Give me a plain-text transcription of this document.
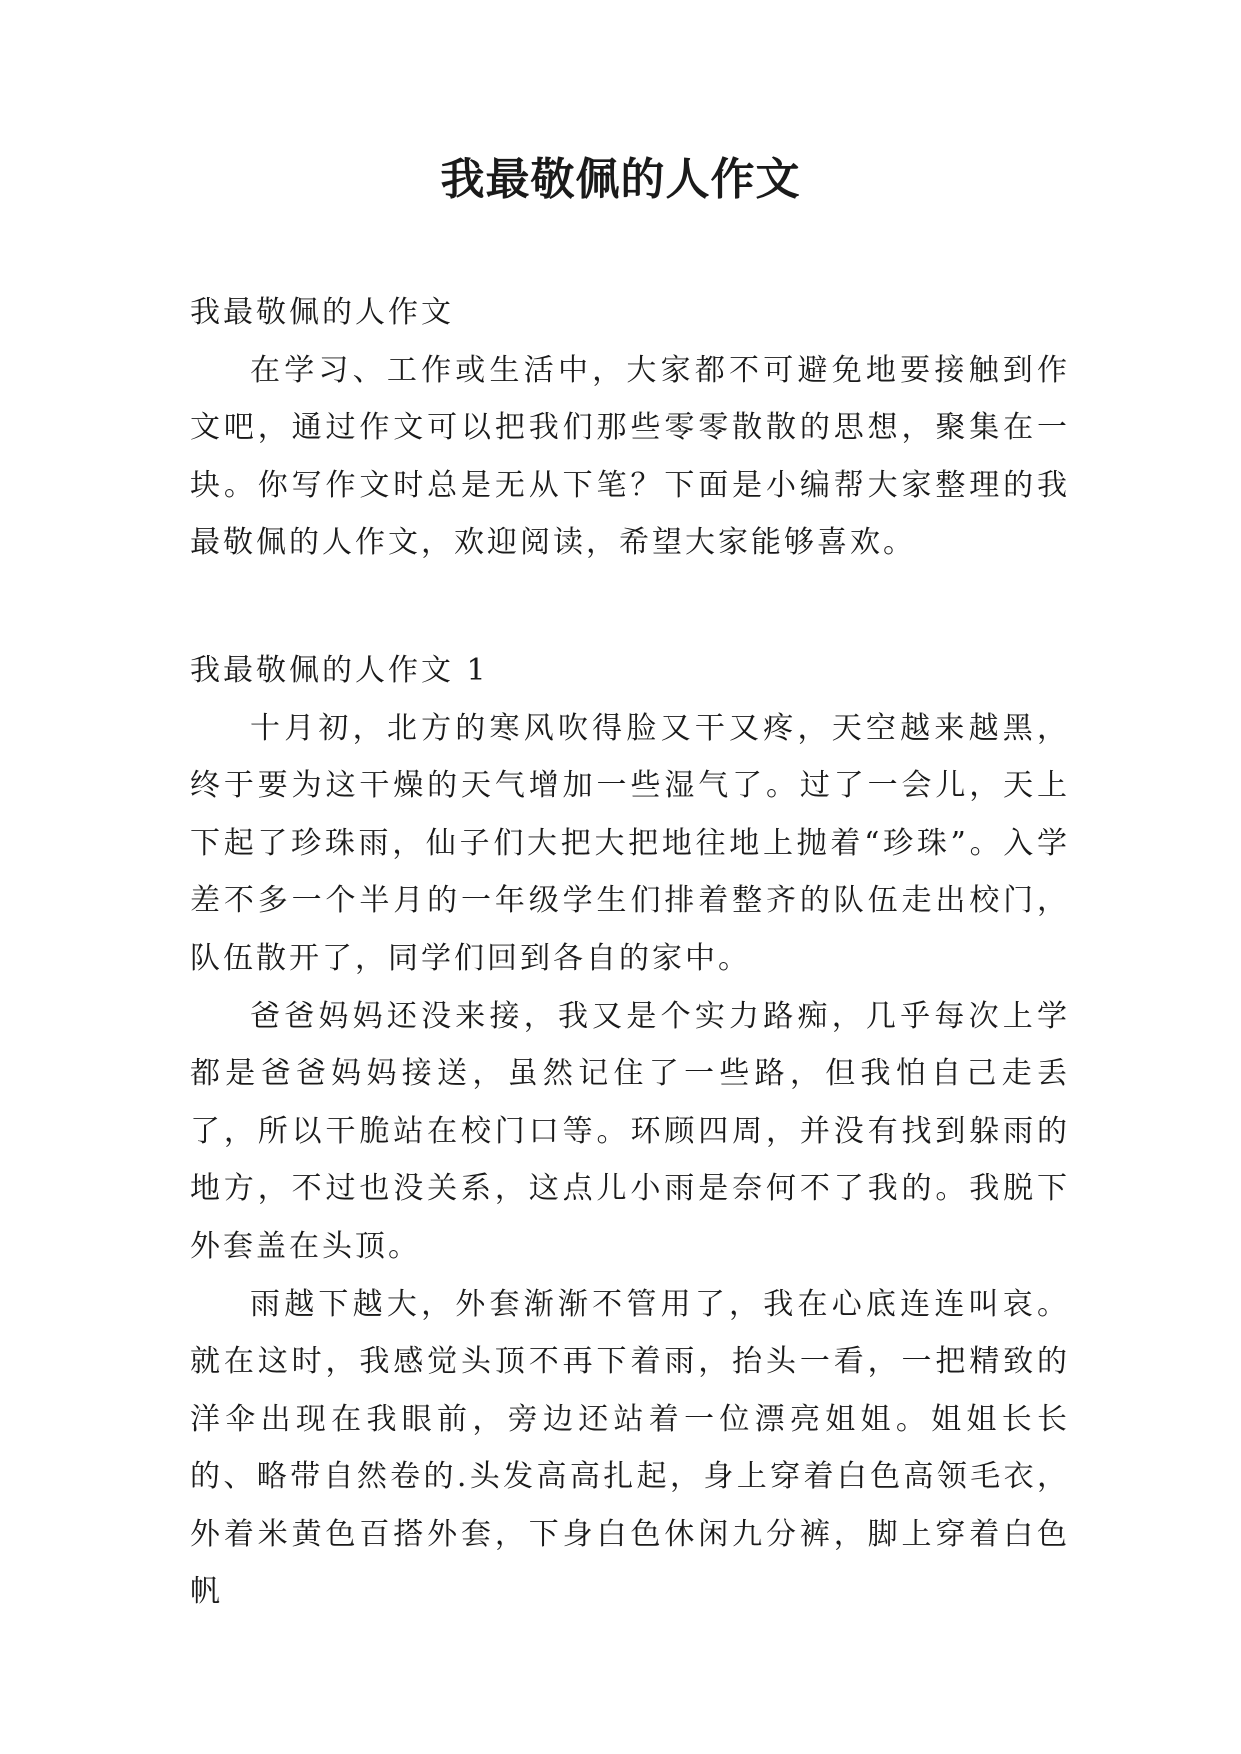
我最敬佩的人作文

我最敬佩的人作文

在学习、工作或生活中，大家都不可避免地要接触到作文吧，通过作文可以把我们那些零零散散的思想，聚集在一块。你写作文时总是无从下笔？下面是小编帮大家整理的我最敬佩的人作文，欢迎阅读，希望大家能够喜欢。

我最敬佩的人作文 1

十月初，北方的寒风吹得脸又干又疼，天空越来越黑，终于要为这干燥的天气增加一些湿气了。过了一会儿，天上下起了珍珠雨，仙子们大把大把地往地上抛着“珍珠”。入学差不多一个半月的一年级学生们排着整齐的队伍走出校门，队伍散开了，同学们回到各自的家中。

爸爸妈妈还没来接，我又是个实力路痴，几乎每次上学都是爸爸妈妈接送，虽然记住了一些路，但我怕自己走丢了，所以干脆站在校门口等。环顾四周，并没有找到躲雨的地方，不过也没关系，这点儿小雨是奈何不了我的。我脱下外套盖在头顶。

雨越下越大，外套渐渐不管用了，我在心底连连叫哀。就在这时，我感觉头顶不再下着雨，抬头一看，一把精致的洋伞出现在我眼前，旁边还站着一位漂亮姐姐。姐姐长长的、略带自然卷的.头发高高扎起，身上穿着白色高领毛衣，外着米黄色百搭外套，下身白色休闲九分裤，脚上穿着白色帆
